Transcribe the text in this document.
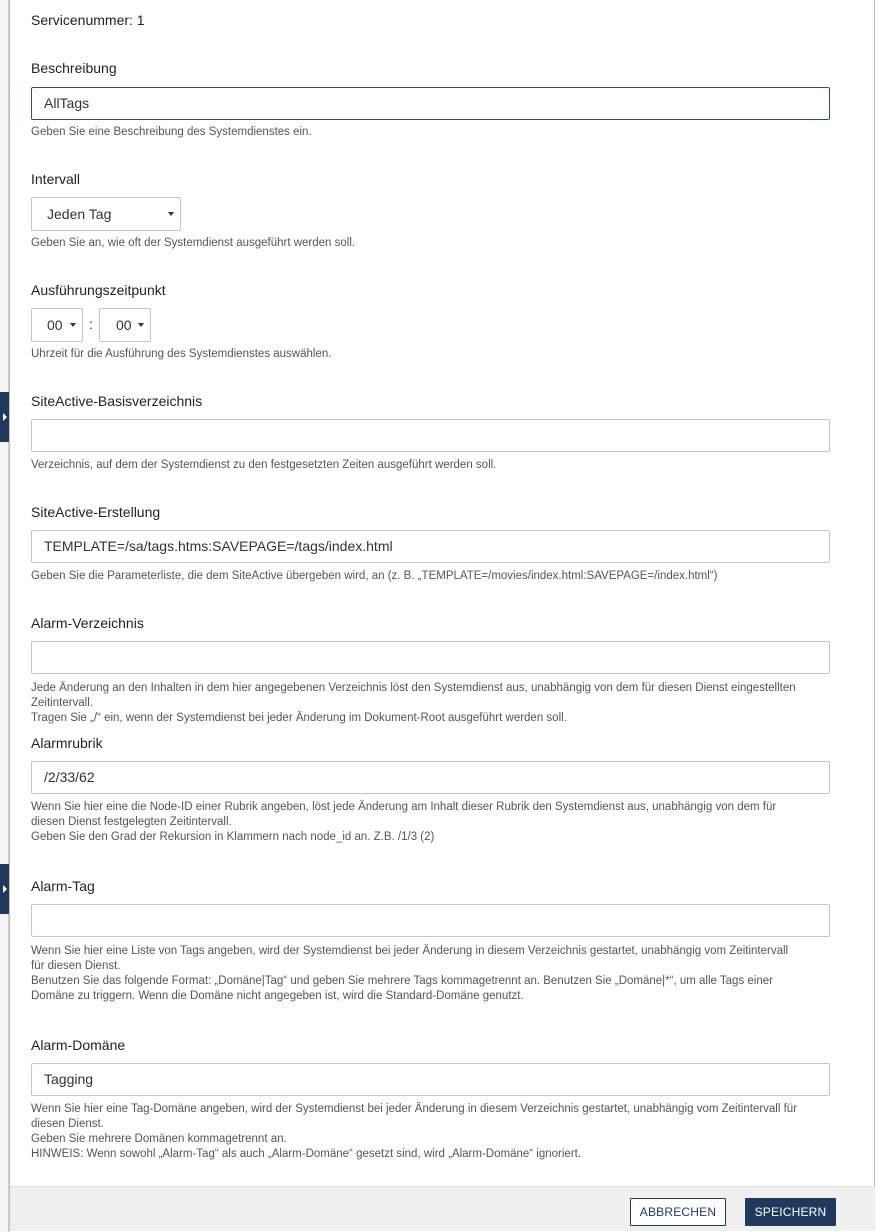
Servicenummer: 1
Beschreibung
AllTags
Geben Sie eine Beschreibung des Systemdienstes ein.
Intervall
Jeden Tag
Geben Sie an, wie oft der Systemdienst ausgeführt werden soll.
Ausführungszeitpunkt
00	: 00
Uhrzeit für die Ausführung des Systemdienstes auswählen.
SiteActive-Basisverzeichnis
Verzeichnis, auf dem der Systemdienst zu den festgesetzten Zeiten ausgeführt werden soll.
SiteActive-Erstellung
TEMPLATE=/sa/tags.htms:SAVEPAGE=/tags/index.html
Geben Sie die Parameterliste, die dem SiteActive übergeben wird, an (z. B. „TEMPLATE=/movies/index.html:SAVEPAGE=/index.html“)
Alarm-Verzeichnis
Jede Änderung an den Inhalten in dem hier angegebenen Verzeichnis löst den Systemdienst aus, unabhängig von dem für diesen Dienst eingestellten
Zeitintervall.
Tragen Sie „/“ ein, wenn der Systemdienst bei jeder Änderung im Dokument-Root ausgeführt werden soll.
Alarmrubrik
/2/33/62
Wenn Sie hier eine die Node-ID einer Rubrik angeben, löst jede Änderung am Inhalt dieser Rubrik den Systemdienst aus, unabhängig von dem für
diesen Dienst festgelegten Zeitintervall.
Geben Sie den Grad der Rekursion in Klammern nach node_id an. Z.B. /1/3 (2)
Alarm-Tag
Wenn Sie hier eine Liste von Tags angeben, wird der Systemdienst bei jeder Änderung in diesem Verzeichnis gestartet, unabhängig vom Zeitintervall
für diesen Dienst.
Benutzen Sie das folgende Format: „Domäne|Tag“ und geben Sie mehrere Tags kommagetrennt an. Benutzen Sie „Domäne|*“, um alle Tags einer
Domäne zu triggern. Wenn die Domäne nicht angegeben ist, wird die Standard-Domäne genutzt.
Alarm-Domäne
Tagging
Wenn Sie hier eine Tag-Domäne angeben, wird der Systemdienst bei jeder Änderung in diesem Verzeichnis gestartet, unabhängig vom Zeitintervall für
diesen Dienst.
Geben Sie mehrere Domänen kommagetrennt an.
HINWEIS: Wenn sowohl „Alarm-Tag“ als auch „Alarm-Domäne“ gesetzt sind, wird „Alarm-Domäne“ ignoriert.
ABBRECHEN	SPEICHERN
